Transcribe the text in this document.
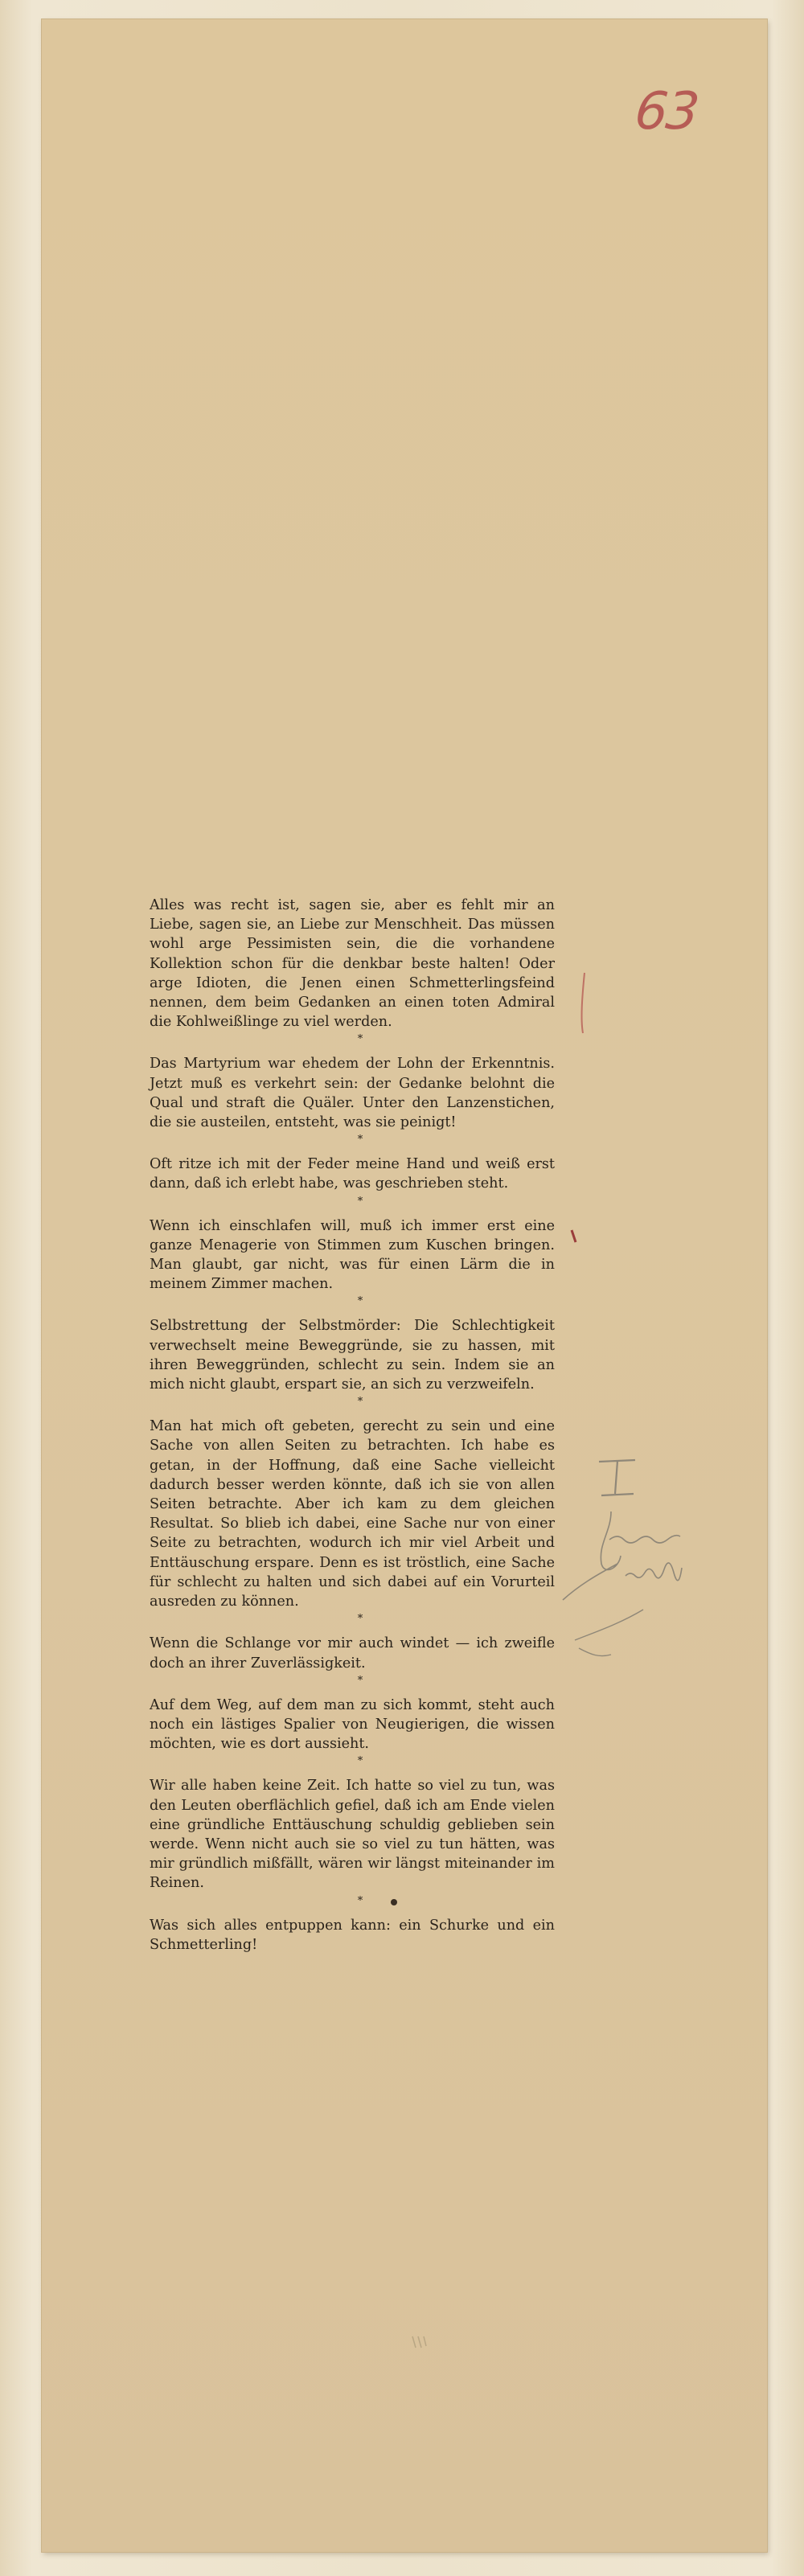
63

Alles was recht ist, sagen sie, aber es fehlt mir an Liebe, sagen sie, an Liebe zur Menschheit. Das müssen wohl arge Pessimisten sein, die die vorhandene Kollektion schon für die denkbar beste halten! Oder arge Idioten, die Jenen einen Schmetterlingsfeind nennen, dem beim Gedanken an einen toten Admiral die Kohlweißlinge zu viel werden.

*

Das Martyrium war ehedem der Lohn der Erkenntnis. Jetzt muß es verkehrt sein: der Gedanke belohnt die Qual und straft die Quäler. Unter den Lanzenstichen, die sie austeilen, entsteht, was sie peinigt!

*

Oft ritze ich mit der Feder meine Hand und weiß erst dann, daß ich erlebt habe, was geschrieben steht.

*

Wenn ich einschlafen will, muß ich immer erst eine ganze Menagerie von Stimmen zum Kuschen bringen. Man glaubt, gar nicht, was für einen Lärm die in meinem Zimmer machen.

*

Selbstrettung der Selbstmörder: Die Schlechtigkeit verwechselt meine Beweggründe, sie zu hassen, mit ihren Beweggründen, schlecht zu sein. Indem sie an mich nicht glaubt, erspart sie, an sich zu verzweifeln.

*

Man hat mich oft gebeten, gerecht zu sein und eine Sache von allen Seiten zu betrachten. Ich habe es getan, in der Hoffnung, daß eine Sache vielleicht dadurch besser werden könnte, daß ich sie von allen Seiten betrachte. Aber ich kam zu dem gleichen Resultat. So blieb ich dabei, eine Sache nur von einer Seite zu betrachten, wodurch ich mir viel Arbeit und Enttäuschung erspare. Denn es ist tröstlich, eine Sache für schlecht zu halten und sich dabei auf ein Vorurteil ausreden zu können.

*

Wenn die Schlange vor mir auch windet — ich zweifle doch an ihrer Zuverlässigkeit.

*

Auf dem Weg, auf dem man zu sich kommt, steht auch noch ein lästiges Spalier von Neugierigen, die wissen möchten, wie es dort aussieht.

*

Wir alle haben keine Zeit. Ich hatte so viel zu tun, was den Leuten oberflächlich gefiel, daß ich am Ende vielen eine gründliche Enttäuschung schuldig geblieben sein werde. Wenn nicht auch sie so viel zu tun hätten, was mir gründlich mißfällt, wären wir längst miteinander im Reinen.

*

Was sich alles entpuppen kann: ein Schurke und ein Schmetterling!
